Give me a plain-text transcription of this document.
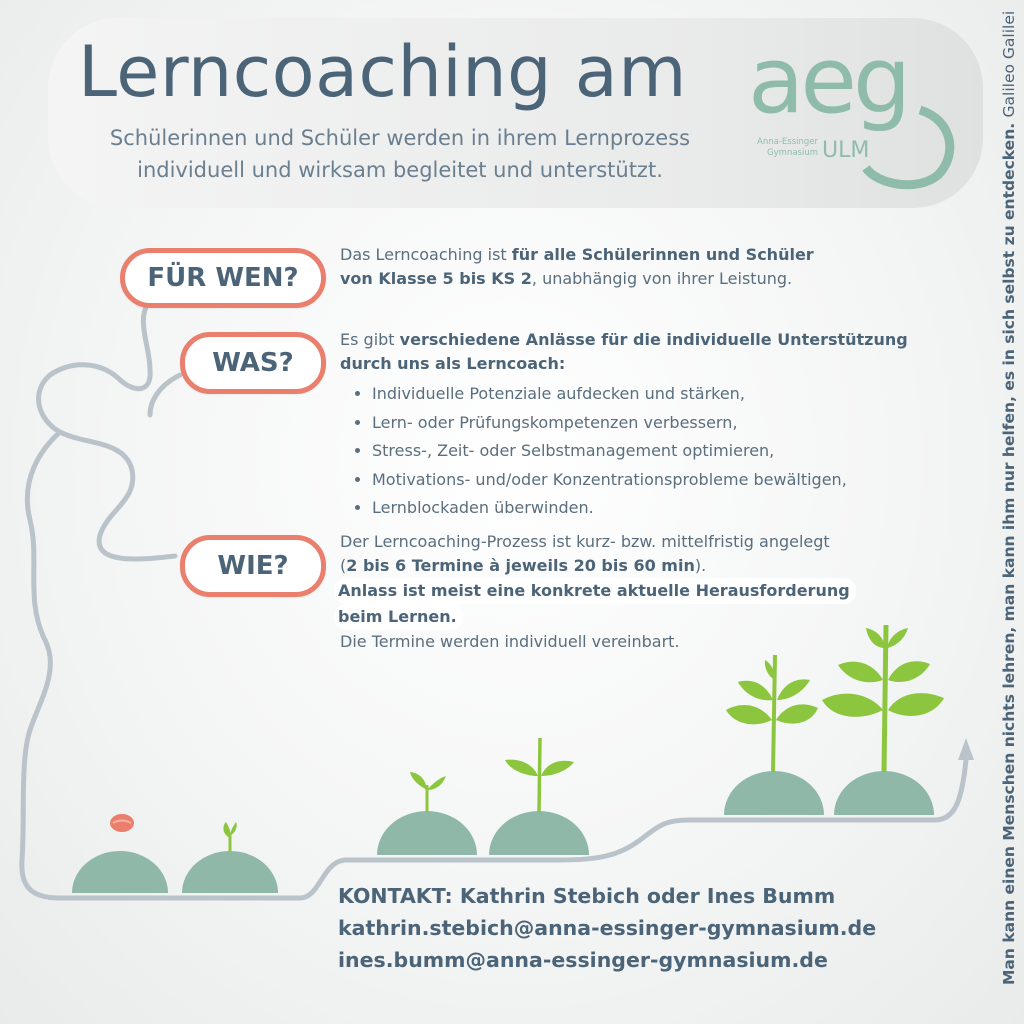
Lerncoaching am
Schülerinnen und Schüler werden in ihrem Lernprozess
individuell und wirksam begleitet und unterstützt.
aeg
Anna-Essinger
Gymnasium ULM	Man kann einen Menschen nichts lehren, man kann ihm nur helfen, es in sich selbst zu entdecken. Galileo Galilei
FÜR WEN?
WAS?
WIE?
Das Lerncoaching ist für alle Schülerinnen und Schüler
von Klasse 5 bis KS 2, unabhängig von ihrer Leistung.
Es gibt verschiedene Anlässe für die individuelle Unterstützung
durch uns als Lerncoach:
• Individuelle Potenziale aufdecken und stärken,
• Lern- oder Prüfungskompetenzen verbessern,
• Stress-, Zeit- oder Selbstmanagement optimieren,
• Motivations- und/oder Konzentrationsprobleme bewältigen,
• Lernblockaden überwinden.
Der Lerncoaching-Prozess ist kurz- bzw. mittelfristig angelegt
(2 bis 6 Termine à jeweils 20 bis 60 min).
Anlass ist meist eine konkrete aktuelle Herausforderung
beim Lernen.
Die Termine werden individuell vereinbart.
KONTAKT: Kathrin Stebich oder Ines Bumm
kathrin.stebich@anna-essinger-gymnasium.de
ines.bumm@anna-essinger-gymnasium.de
